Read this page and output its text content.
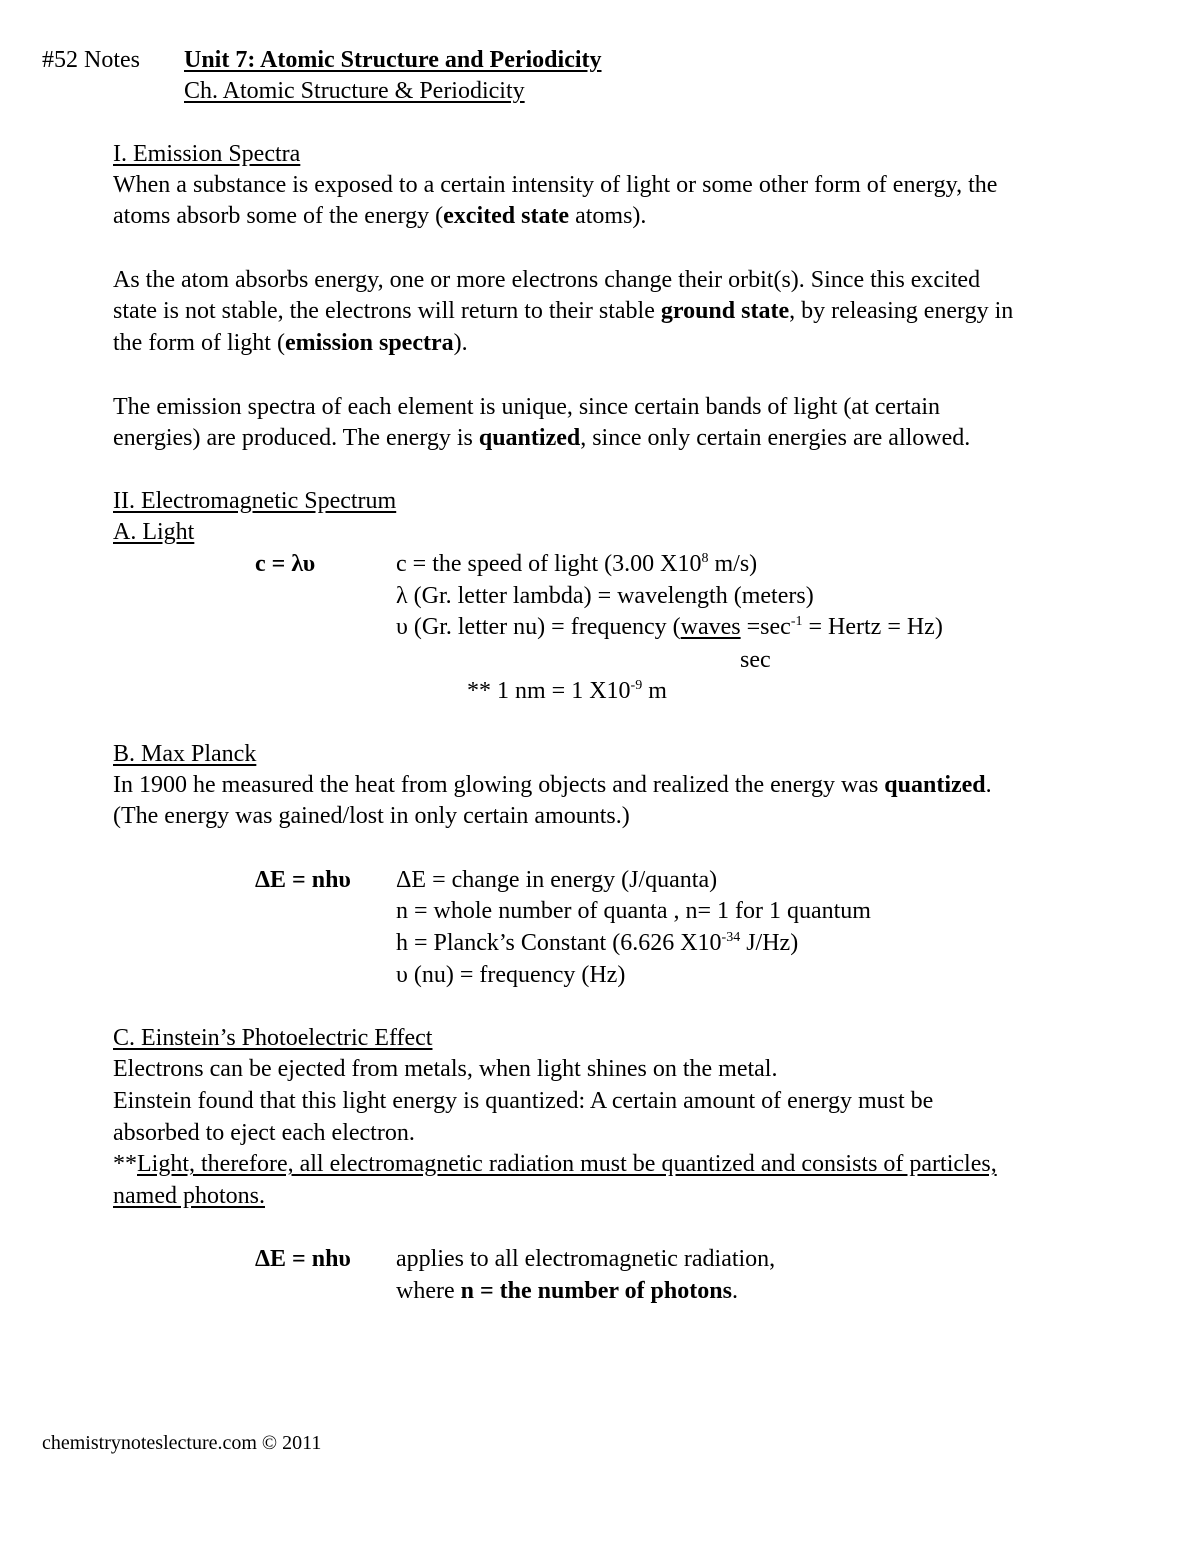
#52 Notes Unit 7: Atomic Structure and Periodicity
Ch. Atomic Structure & Periodicity
I. Emission Spectra
When a substance is exposed to a certain intensity of light or some other form of energy, the
atoms absorb some of the energy (excited state atoms).
As the atom absorbs energy, one or more electrons change their orbit(s). Since this excited
state is not stable, the electrons will return to their stable ground state, by releasing energy in
the form of light (emission spectra).
The emission spectra of each element is unique, since certain bands of light (at certain
energies) are produced. The energy is quantized, since only certain energies are allowed.
II. Electromagnetic Spectrum
A. Light
c = λυ	c = the speed of light (3.00 $X10^8$ m/s)
λ (Gr. letter lambda) = wavelength (meters)
υ (Gr. letter nu) = frequency (waves $=\sec^{-1}$ = Hertz = Hz)
sec
** 1 nm = 1 $X10^{-9}$ m
B. Max Planck
In 1900 he measured the heat from glowing objects and realized the energy was quantized.
(The energy was gained/lost in only certain amounts.)
ΔE = nhυ ΔE = change in energy (J/quanta)
n = whole number of quanta , n= 1 for 1 quantum
h = Planck’s Constant (6.626 $X10^{-34}$ J/Hz)
υ (nu) = frequency (Hz)
C. Einstein’s Photoelectric Effect
Electrons can be ejected from metals, when light shines on the metal.
Einstein found that this light energy is quantized: A certain amount of energy must be
absorbed to eject each electron.
**Light, therefore, all electromagnetic radiation must be quantized and consists of particles,
named photons.
ΔE = nhυ applies to all electromagnetic radiation,
where n = the number of photons.
chemistrynoteslecture.com © 2011
